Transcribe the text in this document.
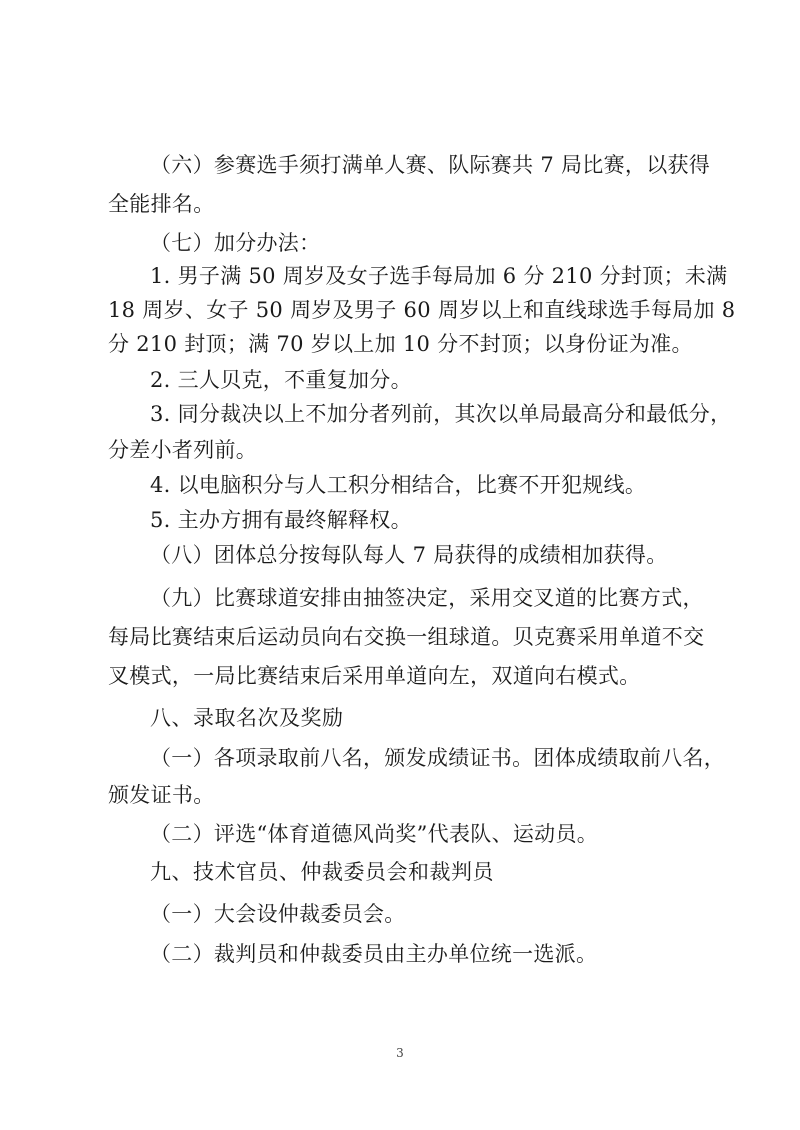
（六）参赛选手须打满单人赛、队际赛共 7 局比赛，以获得
全能排名。
（七）加分办法：
1. 男子满 50 周岁及女子选手每局加 6 分 210 分封顶；未满
18 周岁、女子 50 周岁及男子 60 周岁以上和直线球选手每局加 8
分 210 封顶；满 70 岁以上加 10 分不封顶；以身份证为准。
2. 三人贝克，不重复加分。
3. 同分裁决以上不加分者列前，其次以单局最高分和最低分，
分差小者列前。
4. 以电脑积分与人工积分相结合，比赛不开犯规线。
5. 主办方拥有最终解释权。
（八）团体总分按每队每人 7 局获得的成绩相加获得。
（九）比赛球道安排由抽签决定，采用交叉道的比赛方式，
每局比赛结束后运动员向右交换一组球道。贝克赛采用单道不交
叉模式，一局比赛结束后采用单道向左，双道向右模式。
八、录取名次及奖励
（一）各项录取前八名，颁发成绩证书。团体成绩取前八名，
颁发证书。
（二）评选“体育道德风尚奖”代表队、运动员。
九、技术官员、仲裁委员会和裁判员
（一）大会设仲裁委员会。
（二）裁判员和仲裁委员由主办单位统一选派。
3
